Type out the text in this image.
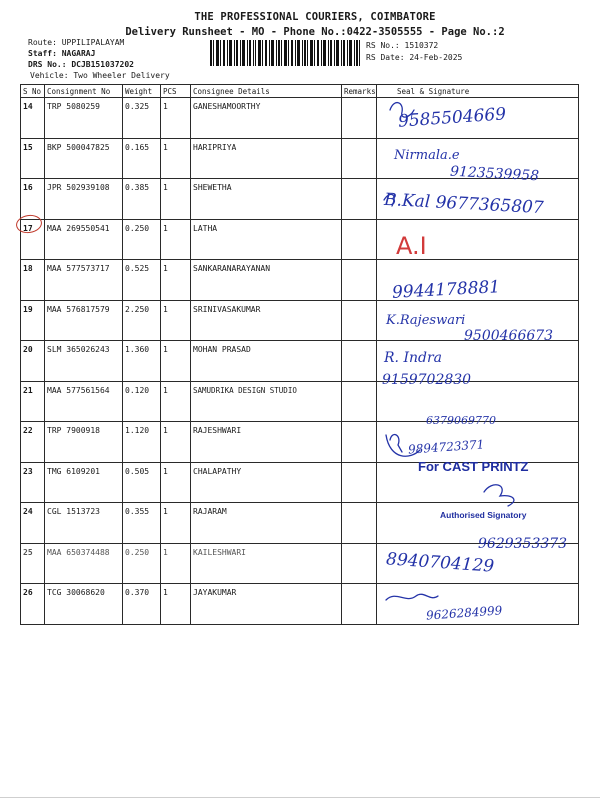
THE PROFESSIONAL COURIERS, COIMBATORE
Delivery Runsheet - MO - Phone No.:0422-3505555 - Page No.:2
Route: UPPILIPALAYAM
Staff: NAGARAJ
DRS No.: DCJB151037202
Vehicle: Two Wheeler Delivery
RS No.: 1510372
RS Date: 24-Feb-2025
S No	Consignment No	Weight	PCS	Consignee Details	Remarks	Seal & Signature
14	TRP 5080259	0.325	1	GANESHAMOORTHY		
15	BKP 500047825	0.165	1	HARIPRIYA		
16	JPR 502939108	0.385	1	SHEWETHA		
17	MAA 269550541	0.250	1	LATHA		
18	MAA 577573717	0.525	1	SANKARANARAYANAN		
19	MAA 576817579	2.250	1	SRINIVASAKUMAR		
20	SLM 365026243	1.360	1	MOHAN PRASAD		
21	MAA 577561564	0.120	1	SAMUDRIKA DESIGN STUDIO		
22	TRP 7900918	1.120	1	RAJESHWARI		
23	TMG 6109201	0.505	1	CHALAPATHY		
24	CGL 1513723	0.355	1	RAJARAM		
25	MAA 650374488	0.250	1	KAILESHWARI		
26	TCG 30068620	0.370	1	JAYAKUMAR		
9585504669
Nirmala.e
9123539958
B.Kal 9677365807
A.I
9944178881
K.Rajeswari
9500466673
R. Indra
9159702830
6379069770
9894723371
For CAST PRINTZ
Authorised Signatory
9629353373
8940704129
9626284999
